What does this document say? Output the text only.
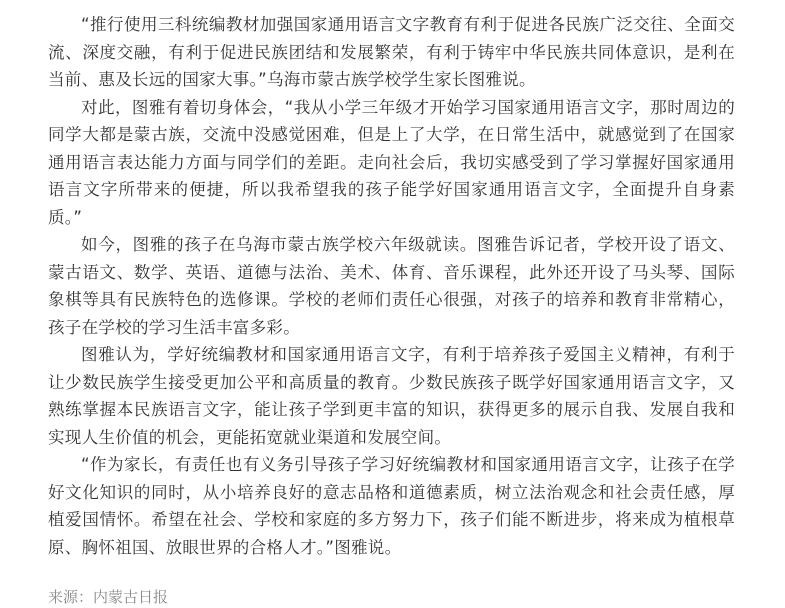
“推行使用三科统编教材加强国家通用语言文字教育有利于促进各民族广泛交往、全面交流、深度交融，有利于促进民族团结和发展繁荣，有利于铸牢中华民族共同体意识，是利在当前、惠及长远的国家大事。”乌海市蒙古族学校学生家长图雅说。

对此，图雅有着切身体会，“我从小学三年级才开始学习国家通用语言文字，那时周边的同学大都是蒙古族，交流中没感觉困难，但是上了大学，在日常生活中，就感觉到了在国家通用语言表达能力方面与同学们的差距。走向社会后，我切实感受到了学习掌握好国家通用语言文字所带来的便捷，所以我希望我的孩子能学好国家通用语言文字，全面提升自身素质。”

如今，图雅的孩子在乌海市蒙古族学校六年级就读。图雅告诉记者，学校开设了语文、蒙古语文、数学、英语、道德与法治、美术、体育、音乐课程，此外还开设了马头琴、国际象棋等具有民族特色的选修课。学校的老师们责任心很强，对孩子的培养和教育非常精心，孩子在学校的学习生活丰富多彩。

图雅认为，学好统编教材和国家通用语言文字，有利于培养孩子爱国主义精神，有利于让少数民族学生接受更加公平和高质量的教育。少数民族孩子既学好国家通用语言文字，又熟练掌握本民族语言文字，能让孩子学到更丰富的知识，获得更多的展示自我、发展自我和实现人生价值的机会，更能拓宽就业渠道和发展空间。

“作为家长，有责任也有义务引导孩子学习好统编教材和国家通用语言文字，让孩子在学好文化知识的同时，从小培养良好的意志品格和道德素质，树立法治观念和社会责任感，厚植爱国情怀。希望在社会、学校和家庭的多方努力下，孩子们能不断进步，将来成为植根草原、胸怀祖国、放眼世界的合格人才。”图雅说。

来源：内蒙古日报
